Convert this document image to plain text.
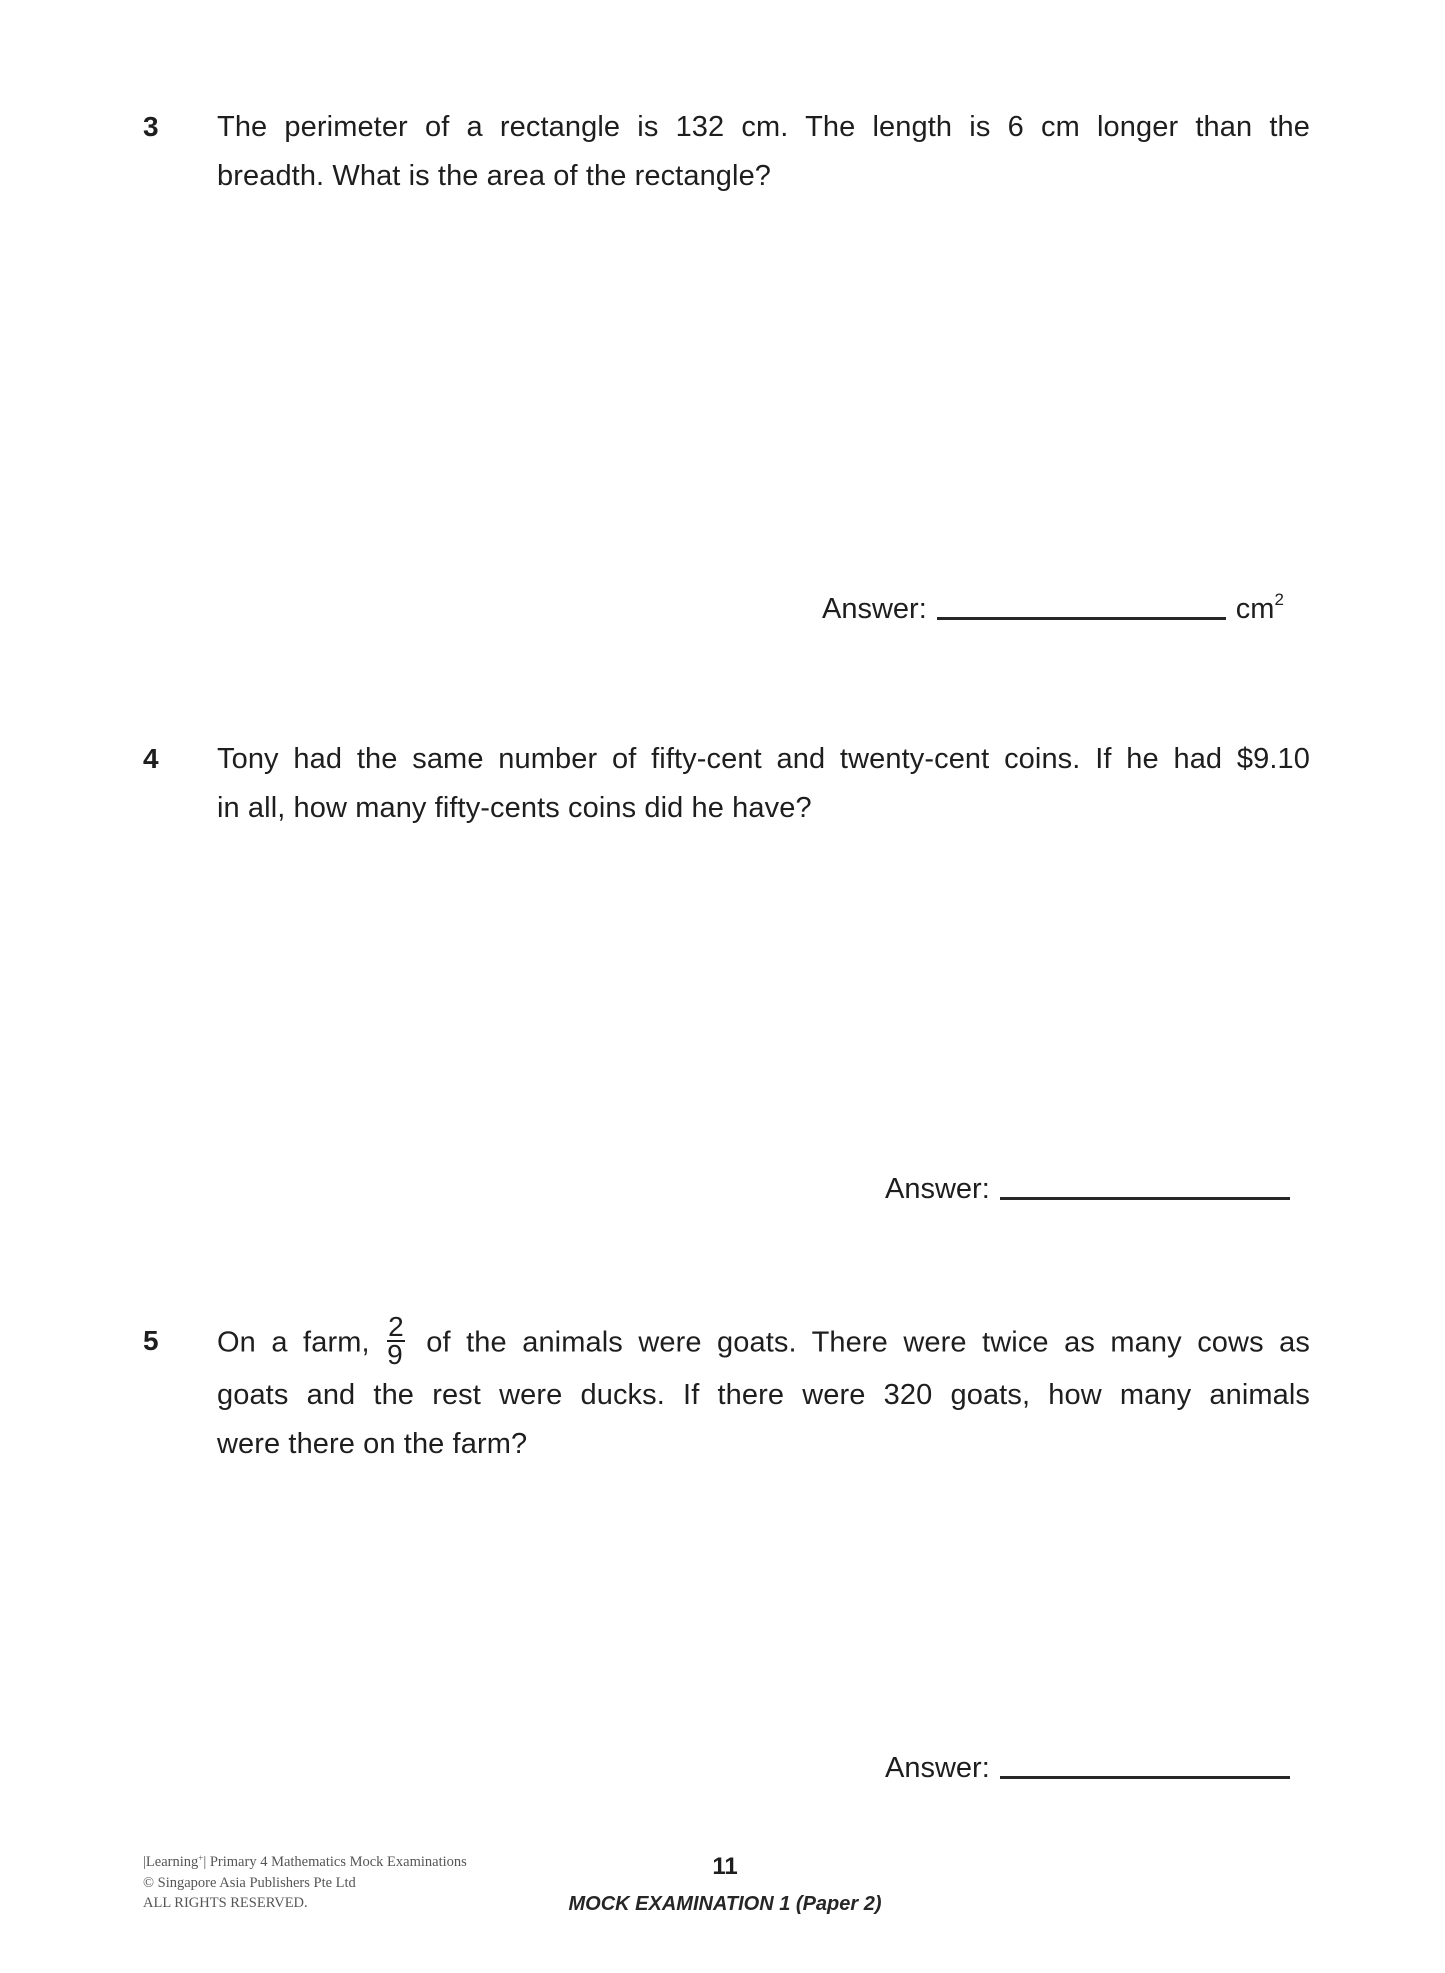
3 The perimeter of a rectangle is 132 cm. The length is 6 cm longer than the
breadth. What is the area of the rectangle?
Answer:	$cm^2$
4 Tony had the same number of fifty-cent and twenty-cent coins. If he had $9.10
in all, how many fifty-cents coins did he have?
Answer:
5 On a farm, $\frac{2}{9}$ of the animals were goats. There were twice as many cows as
goats and the rest were ducks. If there were 320 goats, how many animals
were there on the farm?
Answer:
|Learning+| Primary 4 Mathematics Mock Examinations
© Singapore Asia Publishers Pte Ltd
ALL RIGHTS RESERVED.
11
MOCK EXAMINATION 1 (Paper 2)
